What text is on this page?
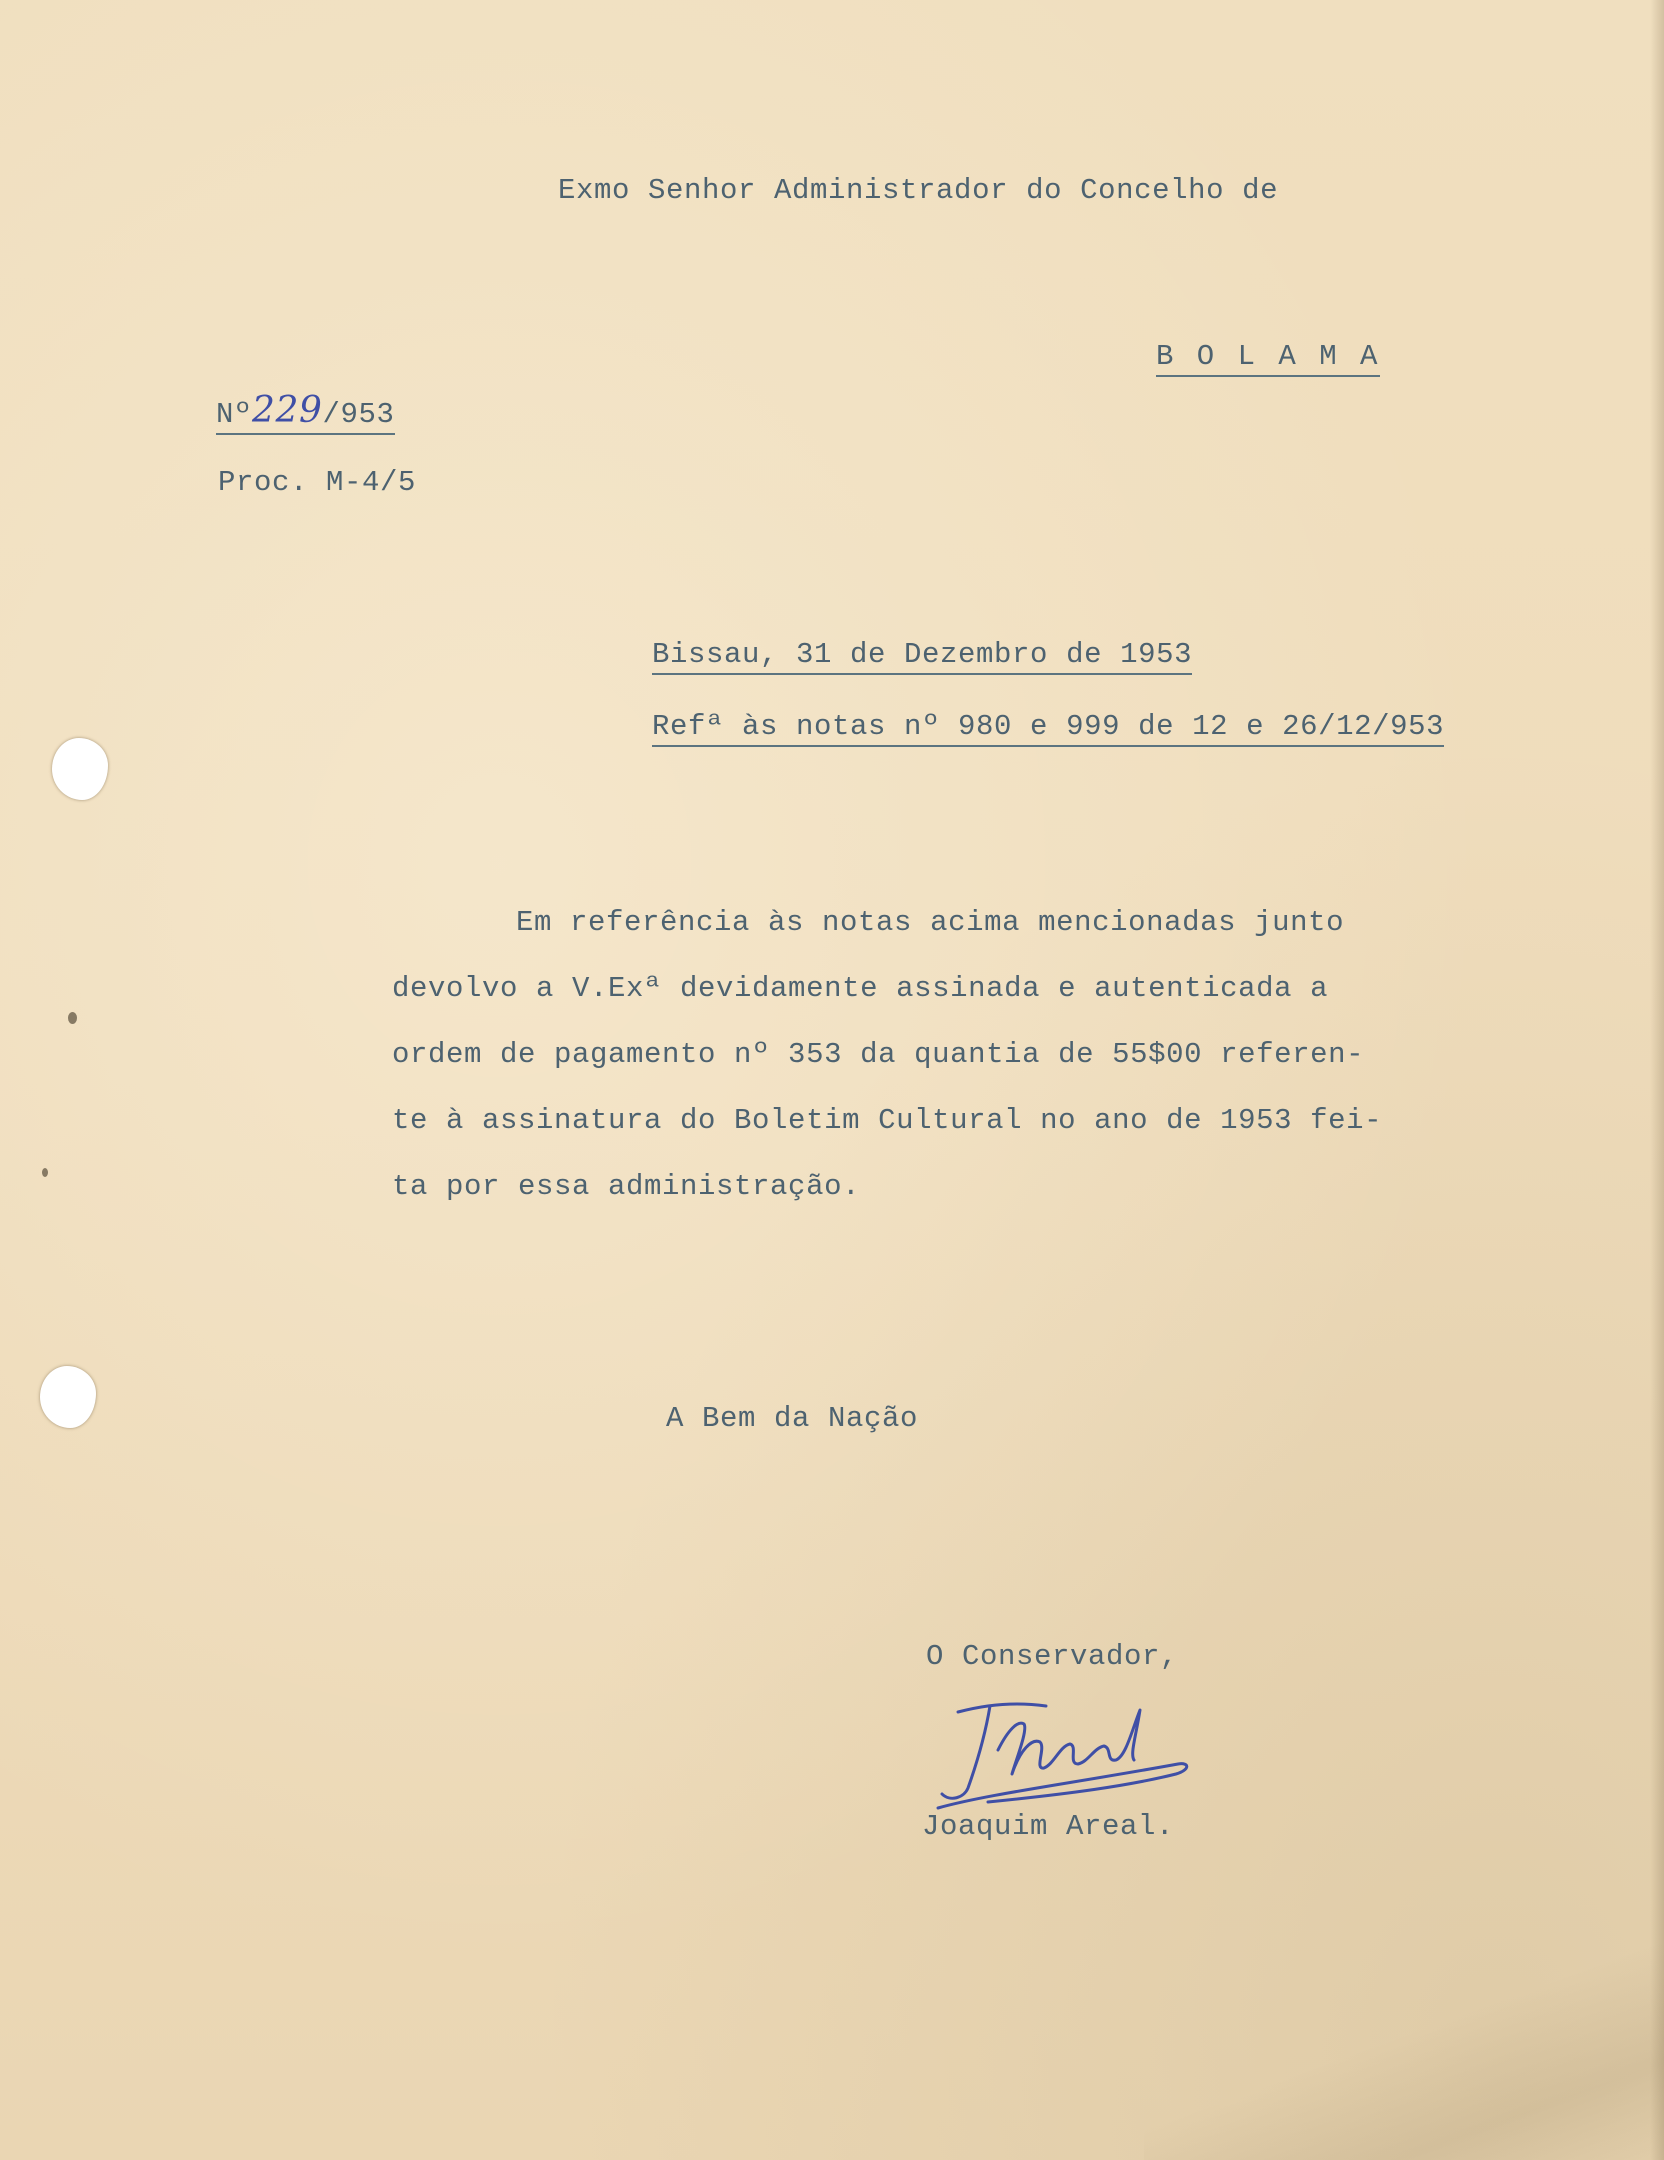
Exmo Senhor Administrador do Concelho de
B O L A M A
Nº229/953
Proc. M-4/5
Bissau, 31 de Dezembro de 1953
Refª às notas nº 980 e 999 de 12 e 26/12/953
Em referência às notas acima mencionadas junto
devolvo a V.Exª devidamente assinada e autenticada a
ordem de pagamento nº 353 da quantia de 55$00 referen-
te à assinatura do Boletim Cultural no ano de 1953 fei-
ta por essa administração.
A Bem da Nação
O Conservador,
Joaquim Areal.
